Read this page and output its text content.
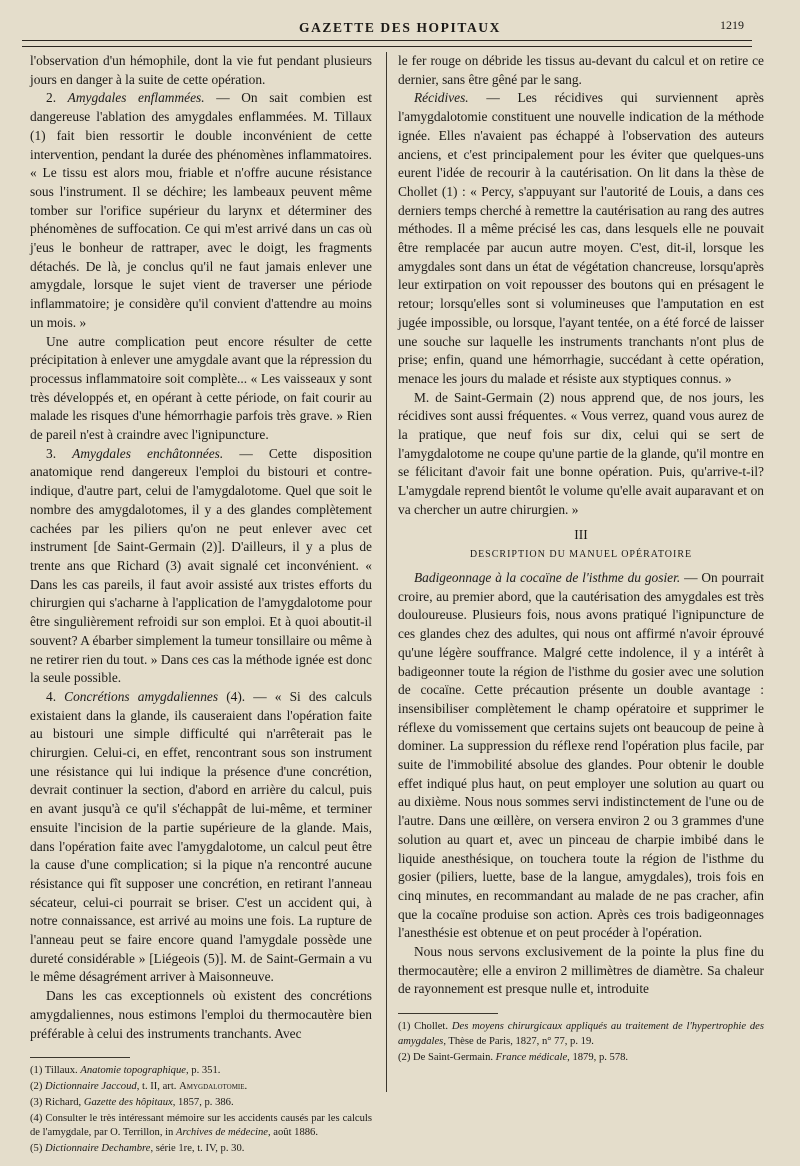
GAZETTE DES HOPITAUX	1219

l'observation d'un hémophile, dont la vie fut pendant plusieurs jours en danger à la suite de cette opération.

2. Amygdales enflammées. — On sait combien est dangereuse l'ablation des amygdales enflammées. M. Tillaux (1) fait bien ressortir le double inconvénient de cette intervention, pendant la durée des phénomènes inflammatoires. « Le tissu est alors mou, friable et n'offre aucune résistance sous l'instrument. Il se déchire; les lambeaux peuvent même tomber sur l'orifice supérieur du larynx et déterminer des phénomènes de suffocation. Ce qui m'est arrivé dans un cas où j'eus le bonheur de rattraper, avec le doigt, les fragments détachés. De là, je conclus qu'il ne faut jamais enlever une amygdale, lorsque le sujet vient de traverser une période inflammatoire; je considère qu'il convient d'attendre au moins un mois. »

Une autre complication peut encore résulter de cette précipitation à enlever une amygdale avant que la répression du processus inflammatoire soit complète... « Les vaisseaux y sont très développés et, en opérant à cette période, on fait courir au malade les risques d'une hémorrhagie parfois très grave. » Rien de pareil n'est à craindre avec l'ignipuncture.

3. Amygdales enchâtonnées. — Cette disposition anatomique rend dangereux l'emploi du bistouri et contre-indique, d'autre part, celui de l'amygdalotome. Quel que soit le nombre des amygdalotomes, il y a des glandes complètement cachées par les piliers qu'on ne peut enlever avec cet instrument [de Saint-Germain (2)]. D'ailleurs, il y a plus de trente ans que Richard (3) avait signalé cet inconvénient. « Dans les cas pareils, il faut avoir assisté aux tristes efforts du chirurgien qui s'acharne à l'application de l'amygdalotome pour être singulièrement refroidi sur son emploi. Et à quoi aboutit-il souvent? A ébarber simplement la tumeur tonsillaire ou même à ne retirer rien du tout. » Dans ces cas la méthode ignée est donc la seule possible.

4. Concrétions amygdaliennes (4). — « Si des calculs existaient dans la glande, ils causeraient dans l'opération faite au bistouri une simple difficulté qui n'arrêterait pas le chirurgien. Celui-ci, en effet, rencontrant sous son instrument une résistance qui lui indique la présence d'une concrétion, devrait continuer la section, d'abord en arrière du calcul, puis en avant jusqu'à ce qu'il s'échappât de lui-même, et terminer ensuite l'incision de la partie supérieure de la glande. Mais, dans l'opération faite avec l'amygdalotome, un calcul peut être la cause d'une complication; si la pique n'a rencontré aucune résistance qui fît supposer une concrétion, en retirant l'anneau sécateur, celui-ci pourrait se briser. C'est un accident qui, à notre connaissance, est arrivé au moins une fois. La rupture de l'anneau peut se faire encore quand l'amygdale possède une dureté considérable » [Liégeois (5)]. M. de Saint-Germain a vu le même désagrément arriver à Maisonneuve.

Dans les cas exceptionnels où existent des concrétions amygdaliennes, nous estimons l'emploi du thermocautère bien préférable à celui des instruments tranchants. Avec

(1) Tillaux. Anatomie topographique, p. 351.

(2) Dictionnaire Jaccoud, t. II, art. Amygdalotomie.

(3) Richard, Gazette des hôpitaux, 1857, p. 386.

(4) Consulter le très intéressant mémoire sur les accidents causés par les calculs de l'amygdale, par O. Terrillon, in Archives de médecine, août 1886.

(5) Dictionnaire Dechambre, série 1re, t. IV, p. 30.

le fer rouge on débride les tissus au-devant du calcul et on retire ce dernier, sans être gêné par le sang.

Récidives. — Les récidives qui surviennent après l'amygdalotomie constituent une nouvelle indication de la méthode ignée. Elles n'avaient pas échappé à l'observation des auteurs anciens, et c'est principalement pour les éviter que quelques-uns eurent l'idée de recourir à la cautérisation. On lit dans la thèse de Chollet (1) : « Percy, s'appuyant sur l'autorité de Louis, a dans ces derniers temps cherché à remettre la cautérisation au rang des autres méthodes. Il a même précisé les cas, dans lesquels elle ne pouvait être remplacée par aucun autre moyen. C'est, dit-il, lorsque les amygdales sont dans un état de végétation chancreuse, lorsqu'après leur extirpation on voit repousser des boutons qui en présagent le retour; lorsqu'elles sont si volumineuses que l'amputation en est jugée impossible, ou lorsque, l'ayant tentée, on a été forcé de laisser une souche sur laquelle les instruments tranchants n'ont plus de prise; enfin, quand une hémorrhagie, succédant à cette opération, menace les jours du malade et résiste aux styptiques connus. »

M. de Saint-Germain (2) nous apprend que, de nos jours, les récidives sont aussi fréquentes. « Vous verrez, quand vous aurez de la pratique, que neuf fois sur dix, celui qui se sert de l'amygdalotome ne coupe qu'une partie de la glande, qu'il montre en se félicitant d'avoir fait une bonne opération. Puis, qu'arrive-t-il? L'amygdale reprend bientôt le volume qu'elle avait auparavant et on va chercher un autre chirurgien. »

III
DESCRIPTION DU MANUEL OPÉRATOIRE

Badigeonnage à la cocaïne de l'isthme du gosier. — On pourrait croire, au premier abord, que la cautérisation des amygdales est très douloureuse. Plusieurs fois, nous avons pratiqué l'ignipuncture de ces glandes chez des adultes, qui nous ont affirmé n'avoir éprouvé qu'une légère souffrance. Malgré cette indolence, il y a intérêt à badigeonner toute la région de l'isthme du gosier avec une solution de cocaïne. Cette précaution présente un double avantage : insensibiliser complètement le champ opératoire et supprimer le réflexe du vomissement que certains sujets ont beaucoup de peine à dominer. La suppression du réflexe rend l'opération plus facile, par suite de l'immobilité absolue des glandes. Pour obtenir le double effet indiqué plus haut, on peut employer une solution au quart ou au dixième. Nous nous sommes servi indistinctement de l'une ou de l'autre. Dans une œillère, on versera environ 2 ou 3 grammes d'une solution au quart et, avec un pinceau de charpie imbibé dans le liquide anesthésique, on touchera toute la région de l'isthme du gosier (piliers, luette, base de la langue, amygdales), trois fois en cinq minutes, en recommandant au malade de ne pas cracher, afin que la cocaïne produise son action. Après ces trois badigeonnages l'anesthésie est obtenue et on peut procéder à l'opération.

Nous nous servons exclusivement de la pointe la plus fine du thermocautère; elle a environ 2 millimètres de diamètre. Sa chaleur de rayonnement est presque nulle et, introduite

(1) Chollet. Des moyens chirurgicaux appliqués au traitement de l'hypertrophie des amygdales, Thèse de Paris, 1827, n° 77, p. 19.

(2) De Saint-Germain. France médicale, 1879, p. 578.
